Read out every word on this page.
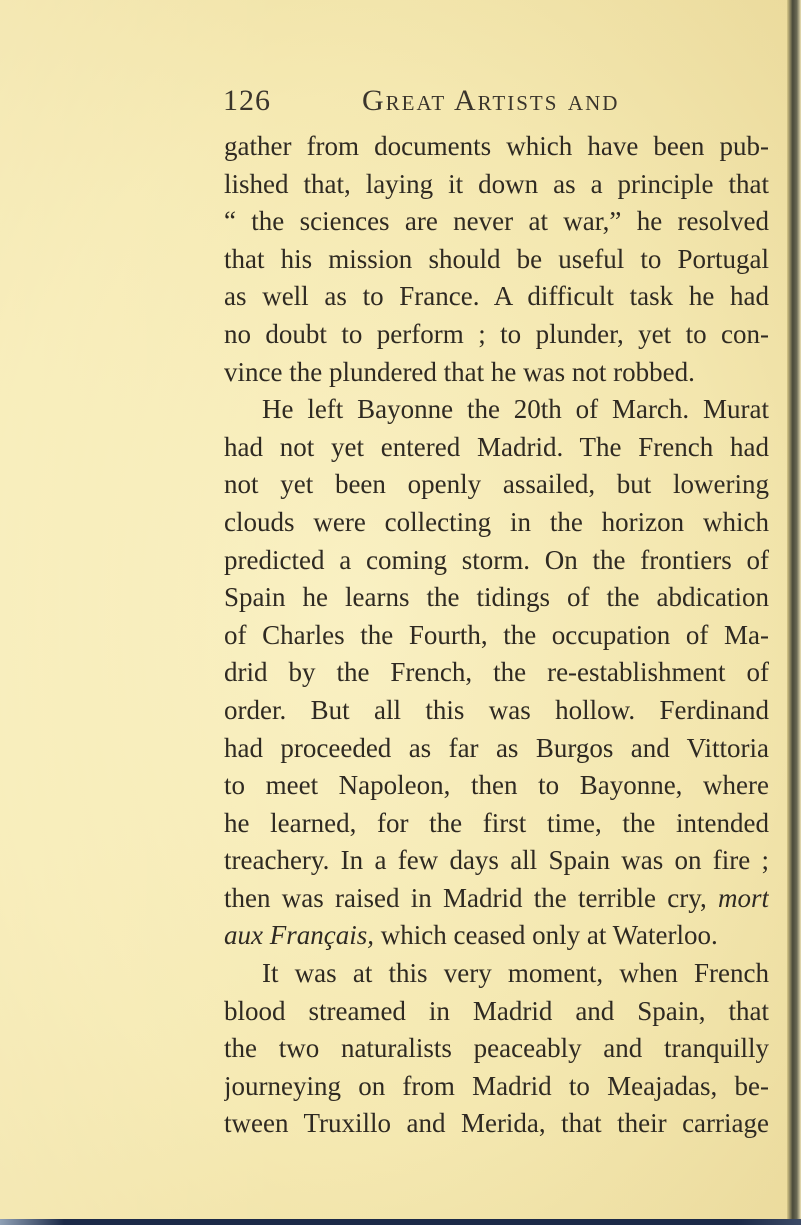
126	Great Artists and
gather from documents which have been pub-
lished that, laying it down as a principle that
“ the sciences are never at war,” he resolved
that his mission should be useful to Portugal
as well as to France. A difficult task he had
no doubt to perform ; to plunder, yet to con-
vince the plundered that he was not robbed.
He left Bayonne the 20th of March. Murat
had not yet entered Madrid. The French had
not yet been openly assailed, but lowering
clouds were collecting in the horizon which
predicted a coming storm. On the frontiers of
Spain he learns the tidings of the abdication
of Charles the Fourth, the occupation of Ma-
drid by the French, the re-establishment of
order. But all this was hollow. Ferdinand
had proceeded as far as Burgos and Vittoria
to meet Napoleon, then to Bayonne, where
he learned, for the first time, the intended
treachery. In a few days all Spain was on fire ;
then was raised in Madrid the terrible cry, mort
aux Français, which ceased only at Waterloo.
It was at this very moment, when French
blood streamed in Madrid and Spain, that
the two naturalists peaceably and tranquilly
journeying on from Madrid to Meajadas, be-
tween Truxillo and Merida, that their carriage
